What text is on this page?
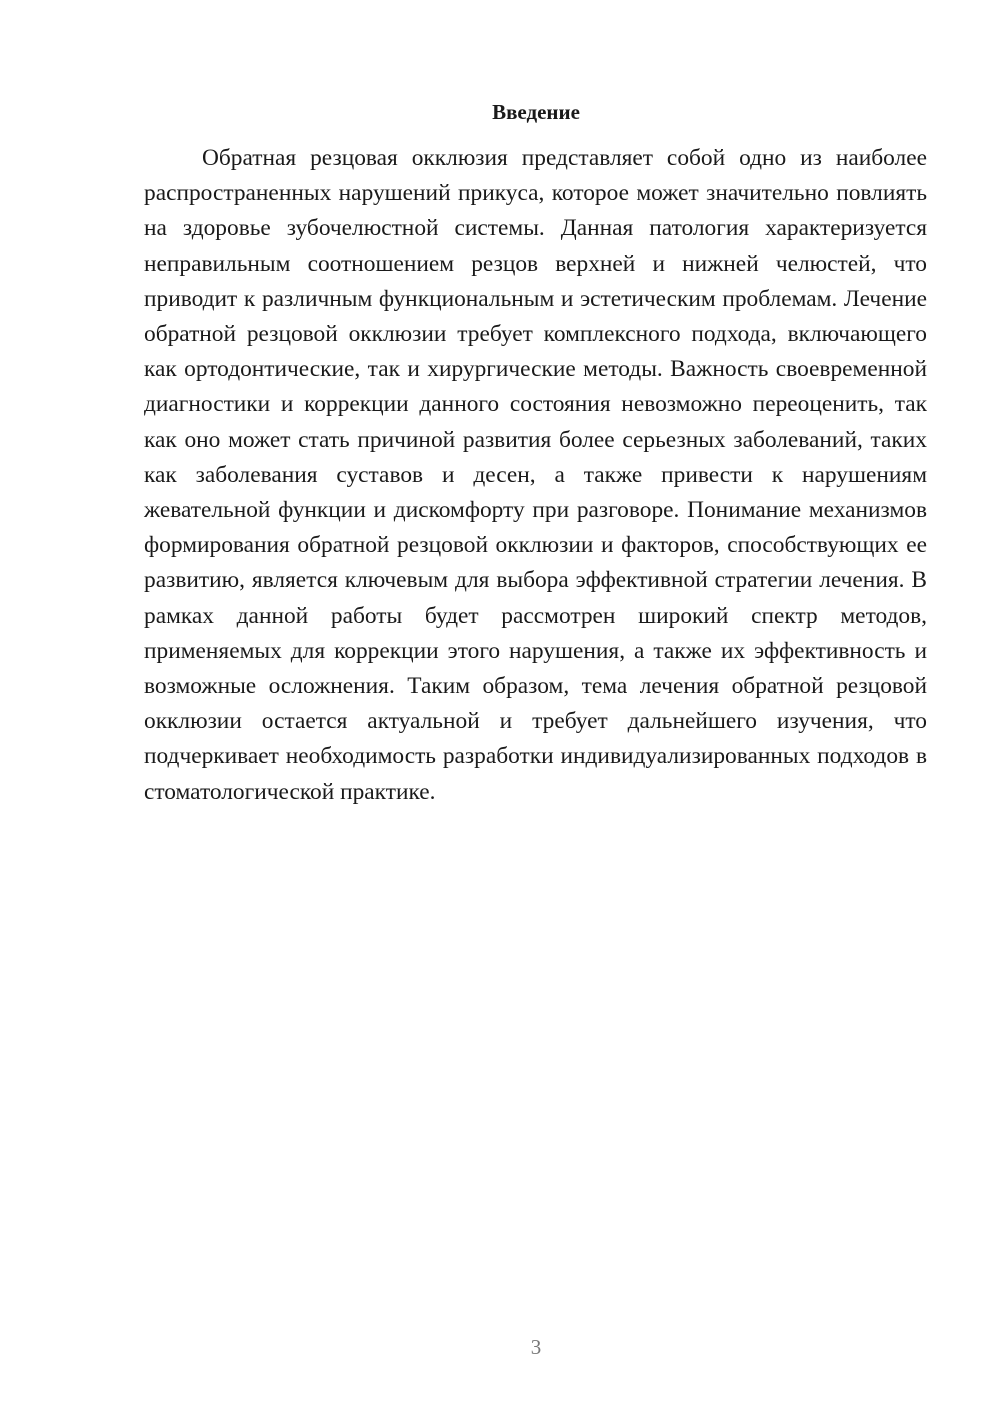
Введение

Обратная резцовая окклюзия представляет собой одно из наиболее распространенных нарушений прикуса, которое может значительно повлиять на здоровье зубочелюстной системы. Данная патология характеризуется неправильным соотношением резцов верхней и нижней челюстей, что приводит к различным функциональным и эстетическим проблемам. Лечение обратной резцовой окклюзии требует комплексного подхода, включающего как ортодонтические, так и хирургические методы. Важность своевременной диагностики и коррекции данного состояния невозможно переоценить, так как оно может стать причиной развития более серьезных заболеваний, таких как заболевания суставов и десен, а также привести к нарушениям жевательной функции и дискомфорту при разговоре. Понимание механизмов формирования обратной резцовой окклюзии и факторов, способствующих ее развитию, является ключевым для выбора эффективной стратегии лечения. В рамках данной работы будет рассмотрен широкий спектр методов, применяемых для коррекции этого нарушения, а также их эффективность и возможные осложнения. Таким образом, тема лечения обратной резцовой окклюзии остается актуальной и требует дальнейшего изучения, что подчеркивает необходимость разработки индивидуализированных подходов в стоматологической практике.

3
